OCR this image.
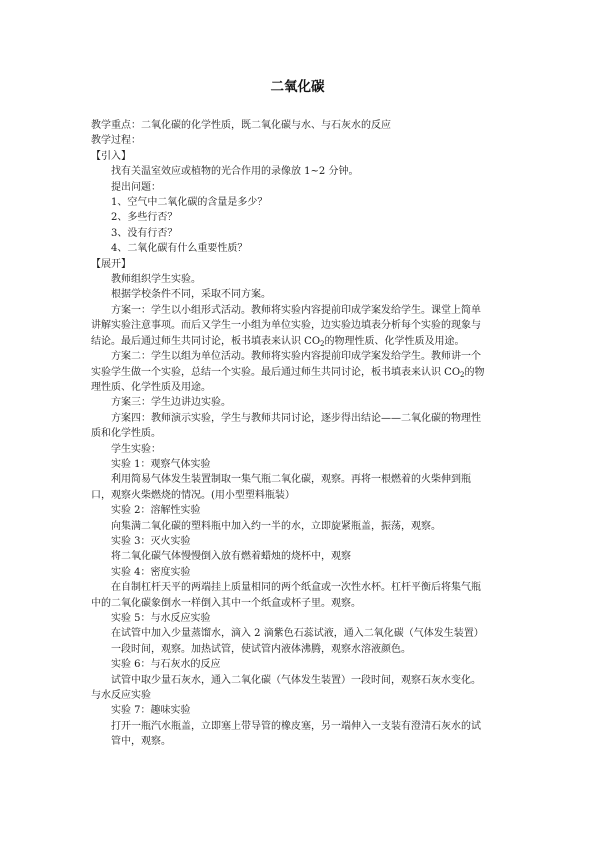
二氧化碳
教学重点：二氧化碳的化学性质，既二氧化碳与水、与石灰水的反应
教学过程：
【引入】
找有关温室效应或植物的光合作用的录像放 1~2 分钟。
提出问题：
1、空气中二氧化碳的含量是多少？
2、多些行否？
3、没有行否？
4、二氧化碳有什么重要性质？
【展开】
教师组织学生实验。
根据学校条件不同，采取不同方案。
方案一：学生以小组形式活动。教师将实验内容提前印成学案发给学生。课堂上简单
讲解实验注意事项。而后又学生一小组为单位实验，边实验边填表分析每个实验的现象与
结论。最后通过师生共同讨论，板书填表来认识 $CO_2$的物理性质、化学性质及用途。
方案二：学生以组为单位活动。教师将实验内容提前印成学案发给学生。教师讲一个
实验学生做一个实验，总结一个实验。最后通过师生共同讨论，板书填表来认识 $CO_2$的物
理性质、化学性质及用途。
方案三：学生边讲边实验。
方案四：教师演示实验，学生与教师共同讨论，逐步得出结论——二氧化碳的物理性
质和化学性质。
学生实验：
实验 1：观察气体实验
利用简易气体发生装置制取一集气瓶二氧化碳，观察。再将一根燃着的火柴伸到瓶
口，观察火柴燃烧的情况。(用小型塑料瓶装）
实验 2：溶解性实验
向集满二氧化碳的塑料瓶中加入约一半的水，立即旋紧瓶盖，振荡，观察。
实验 3：灭火实验
将二氧化碳气体慢慢倒入放有燃着蜡烛的烧杯中，观察
实验 4：密度实验
在自制杠杆天平的两端挂上质量相同的两个纸盒或一次性水杯。杠杆平衡后将集气瓶
中的二氧化碳象倒水一样倒入其中一个纸盒或杯子里。观察。
实验 5：与水反应实验
在试管中加入少量蒸馏水，滴入 2 滴紫色石蕊试液，通入二氧化碳（气体发生装置）
一段时间，观察。加热试管，使试管内液体沸腾，观察水溶液颜色。
实验 6：与石灰水的反应
试管中取少量石灰水，通入二氧化碳（气体发生装置）一段时间，观察石灰水变化。
与水反应实验
实验 7：趣味实验
打开一瓶汽水瓶盖，立即塞上带导管的橡皮塞，另一端伸入一支装有澄清石灰水的试
管中，观察。
